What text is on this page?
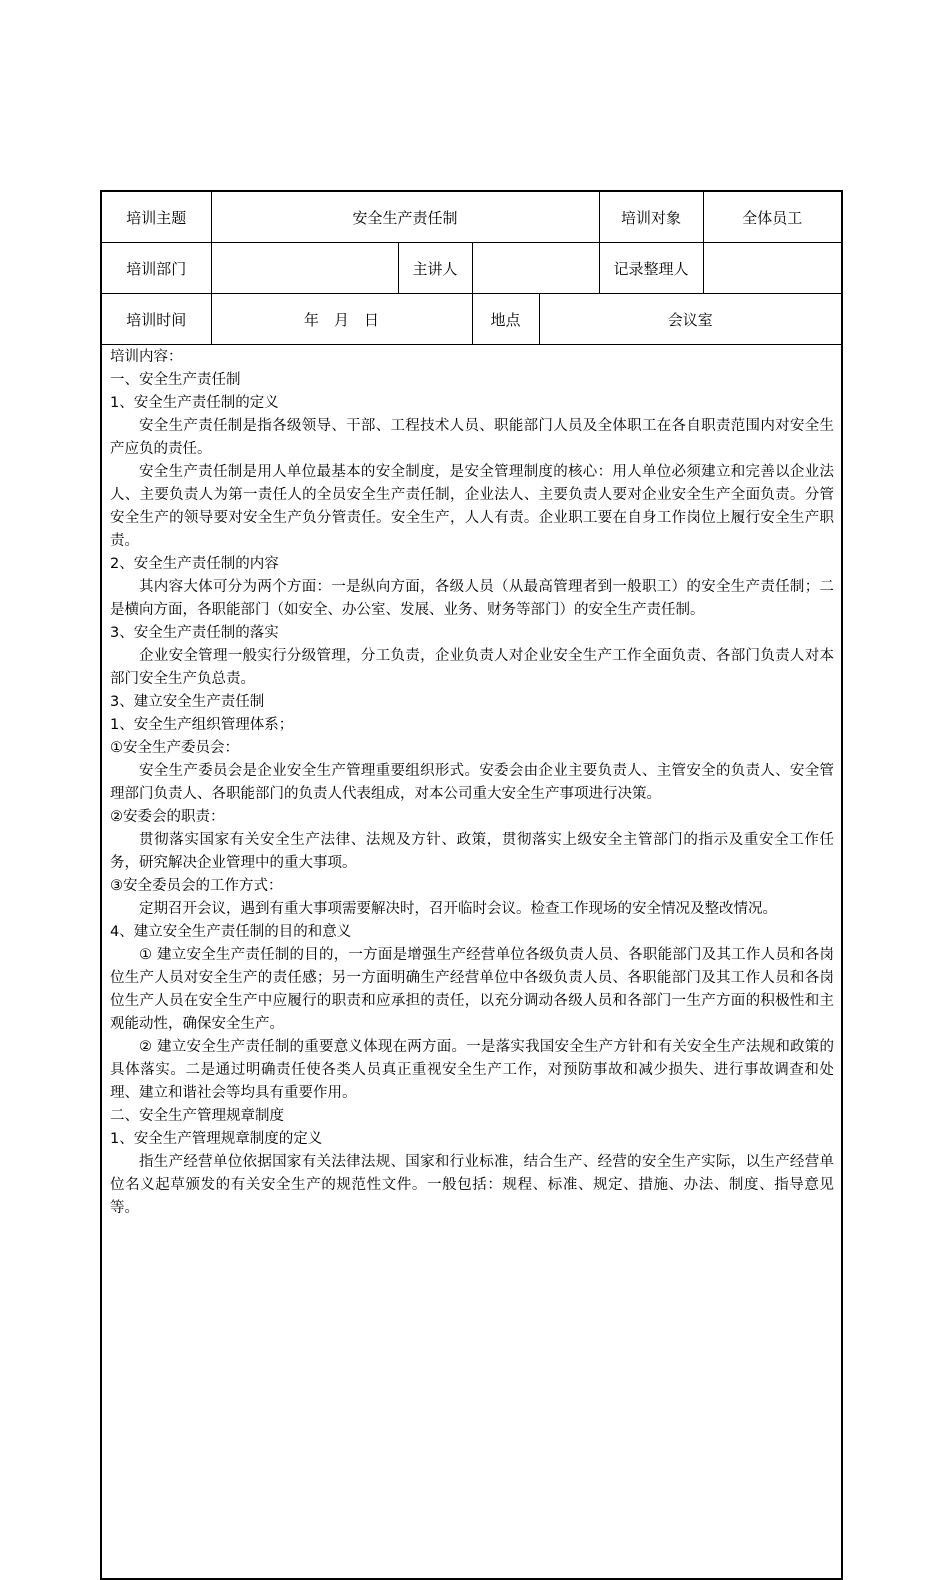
培训主题	安全生产责任制				培训对象	全体员工
培训部门		主讲人			记录整理人	
培训时间	年　月　日		地点	会议室		

培训内容：

一、安全生产责任制

1、安全生产责任制的定义

安全生产责任制是指各级领导、干部、工程技术人员、职能部门人员及全体职工在各自职责范围内对安全生产应负的责任。

安全生产责任制是用人单位最基本的安全制度，是安全管理制度的核心：用人单位必须建立和完善以企业法人、主要负责人为第一责任人的全员安全生产责任制，企业法人、主要负责人要对企业安全生产全面负责。分管安全生产的领导要对安全生产负分管责任。安全生产，人人有责。企业职工要在自身工作岗位上履行安全生产职责。

2、安全生产责任制的内容

其内容大体可分为两个方面：一是纵向方面，各级人员（从最高管理者到一般职工）的安全生产责任制；二是横向方面，各职能部门（如安全、办公室、发展、业务、财务等部门）的安全生产责任制。

3、安全生产责任制的落实

企业安全管理一般实行分级管理，分工负责，企业负责人对企业安全生产工作全面负责、各部门负责人对本部门安全生产负总责。

3、建立安全生产责任制

1、安全生产组织管理体系；

①安全生产委员会：

安全生产委员会是企业安全生产管理重要组织形式。安委会由企业主要负责人、主管安全的负责人、安全管理部门负责人、各职能部门的负责人代表组成，对本公司重大安全生产事项进行决策。

②安委会的职责：

贯彻落实国家有关安全生产法律、法规及方针、政策，贯彻落实上级安全主管部门的指示及重安全工作任务，研究解决企业管理中的重大事项。

③安全委员会的工作方式：

定期召开会议，遇到有重大事项需要解决时，召开临时会议。检查工作现场的安全情况及整改情况。

4、建立安全生产责任制的目的和意义

① 建立安全生产责任制的目的，一方面是增强生产经营单位各级负责人员、各职能部门及其工作人员和各岗位生产人员对安全生产的责任感；另一方面明确生产经营单位中各级负责人员、各职能部门及其工作人员和各岗位生产人员在安全生产中应履行的职责和应承担的责任，以充分调动各级人员和各部门一生产方面的积极性和主观能动性，确保安全生产。

② 建立安全生产责任制的重要意义体现在两方面。一是落实我国安全生产方针和有关安全生产法规和政策的具体落实。二是通过明确责任使各类人员真正重视安全生产工作，对预防事故和减少损失、进行事故调查和处理、建立和谐社会等均具有重要作用。

二、安全生产管理规章制度

1、安全生产管理规章制度的定义

指生产经营单位依据国家有关法律法规、国家和行业标准，结合生产、经营的安全生产实际，以生产经营单位名义起草颁发的有关安全生产的规范性文件。一般包括：规程、标准、规定、措施、办法、制度、指导意见等。
